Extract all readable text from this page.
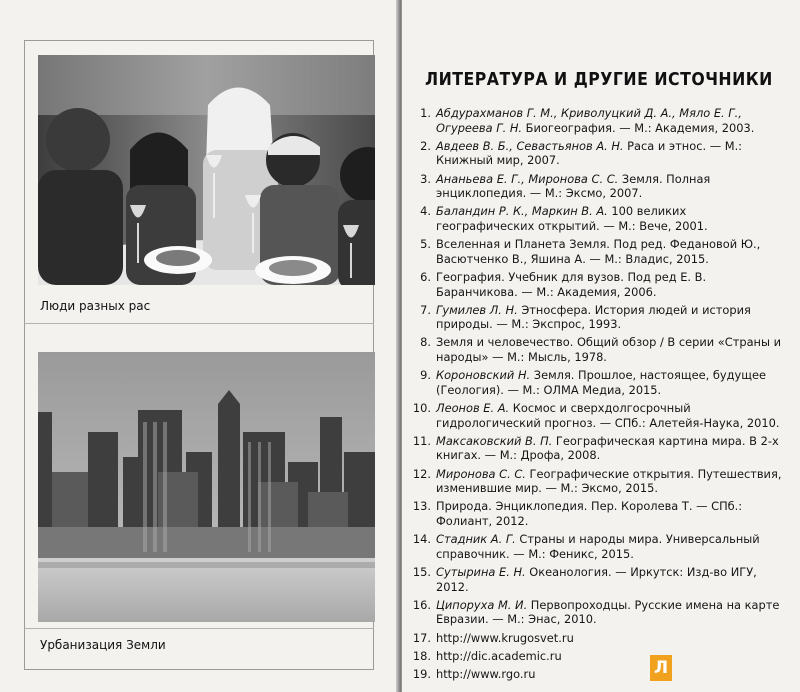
Люди разных рас
Урбанизация Земли
ЛИТЕРАТУРА И ДРУГИЕ ИСТОЧНИКИ
1. Абдурахманов Г. М., Криволуцкий Д. А., Мяло Е. Г., Огуреева Г. Н. Биогеография. — М.: Академия, 2003.
2. Авдеев В. Б., Севастьянов А. Н. Раса и этнос. — М.: Книжный мир, 2007.
3. Ананьева Е. Г., Миронова С. С. Земля. Полная энциклопедия. — М.: Эксмо, 2007.
4. Баландин Р. К., Маркин В. А. 100 великих географических открытий. — М.: Вече, 2001.
5. Вселенная и Планета Земля. Под ред. Федановой Ю., Васютченко В., Яшина А. — М.: Владис, 2015.
6. География. Учебник для вузов. Под ред Е. В. Баранчикова. — М.: Академия, 2006.
7. Гумилев Л. Н. Этносфера. История людей и история природы. — М.: Экспрос, 1993.
8. Земля и человечество. Общий обзор / В серии «Страны и народы» — М.: Мысль, 1978.
9. Короновский Н. Земля. Прошлое, настоящее, будущее (Геология). — М.: ОЛМА Медиа, 2015.
10. Леонов Е. А. Космос и сверхдолгосрочный гидрологический прогноз. — СПб.: Алетейя-Наука, 2010.
11. Максаковский В. П. Географическая картина мира. В 2-х книгах. — М.: Дрофа, 2008.
12. Миронова С. С. Географические открытия. Путешествия, изменившие мир. — М.: Эксмо, 2015.
13. Природа. Энциклопедия. Пер. Королева Т. — СПб.: Фолиант, 2012.
14. Стадник А. Г. Страны и народы мира. Универсальный справочник. — М.: Феникс, 2015.
15. Сутырина Е. Н. Океанология. — Иркутск: Изд-во ИГУ, 2012.
16. Ципоруха М. И. Первопроходцы. Русские имена на карте Евразии. — М.: Энас, 2010.
17. http://www.krugosvet.ru
18. http://dic.academic.ru
19. http://www.rgo.ru	Л
